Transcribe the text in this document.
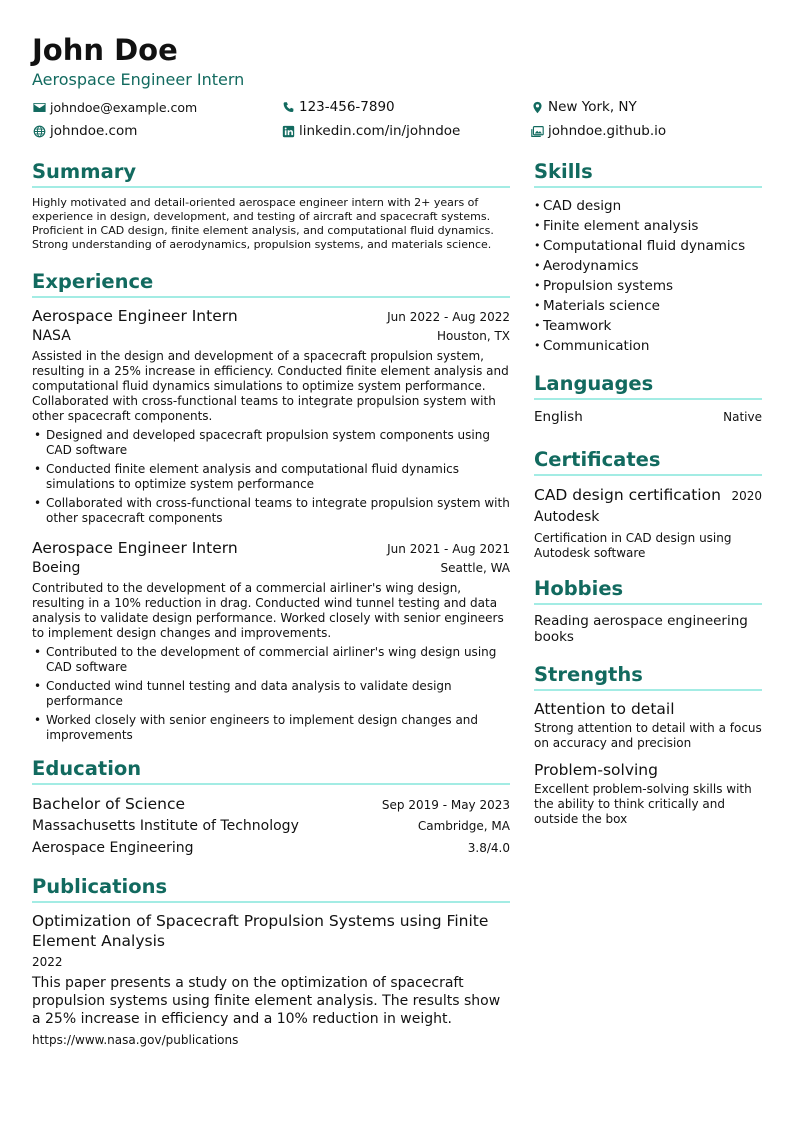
John Doe
Aerospace Engineer Intern
johndoe@example.com	123-456-7890	New York, NY
johndoe.com	linkedin.com/in/johndoe	johndoe.github.io
Summary
Highly motivated and detail-oriented aerospace engineer intern with 2+ years of experience in design, development, and testing of aircraft and spacecraft systems. Proficient in CAD design, finite element analysis, and computational fluid dynamics. Strong understanding of aerodynamics, propulsion systems, and materials science.
Experience
Aerospace Engineer Intern	Jun 2022 - Aug 2022
NASA	Houston, TX
Assisted in the design and development of a spacecraft propulsion system, resulting in a 25% increase in efficiency. Conducted finite element analysis and computational fluid dynamics simulations to optimize system performance. Collaborated with cross-functional teams to integrate propulsion system with other spacecraft components.
• Designed and developed spacecraft propulsion system components using CAD software
• Conducted finite element analysis and computational fluid dynamics simulations to optimize system performance
• Collaborated with cross-functional teams to integrate propulsion system with other spacecraft components
Aerospace Engineer Intern	Jun 2021 - Aug 2021
Boeing	Seattle, WA
Contributed to the development of a commercial airliner's wing design, resulting in a 10% reduction in drag. Conducted wind tunnel testing and data analysis to validate design performance. Worked closely with senior engineers to implement design changes and improvements.
• Contributed to the development of commercial airliner's wing design using CAD software
• Conducted wind tunnel testing and data analysis to validate design performance
• Worked closely with senior engineers to implement design changes and improvements
Education
Bachelor of Science	Sep 2019 - May 2023
Massachusetts Institute of Technology	Cambridge, MA
Aerospace Engineering	3.8/4.0
Publications
Optimization of Spacecraft Propulsion Systems using Finite Element Analysis
2022
This paper presents a study on the optimization of spacecraft propulsion systems using finite element analysis. The results show a 25% increase in efficiency and a 10% reduction in weight.
https://www.nasa.gov/publications
Skills
• CAD design
• Finite element analysis
• Computational fluid dynamics
• Aerodynamics
• Propulsion systems
• Materials science
• Teamwork
• Communication
Languages
English	Native
Certificates
CAD design certification 2020
Autodesk
Certification in CAD design using Autodesk software
Hobbies
Reading aerospace engineering books
Strengths
Attention to detail
Strong attention to detail with a focus on accuracy and precision
Problem-solving
Excellent problem-solving skills with the ability to think critically and outside the box
